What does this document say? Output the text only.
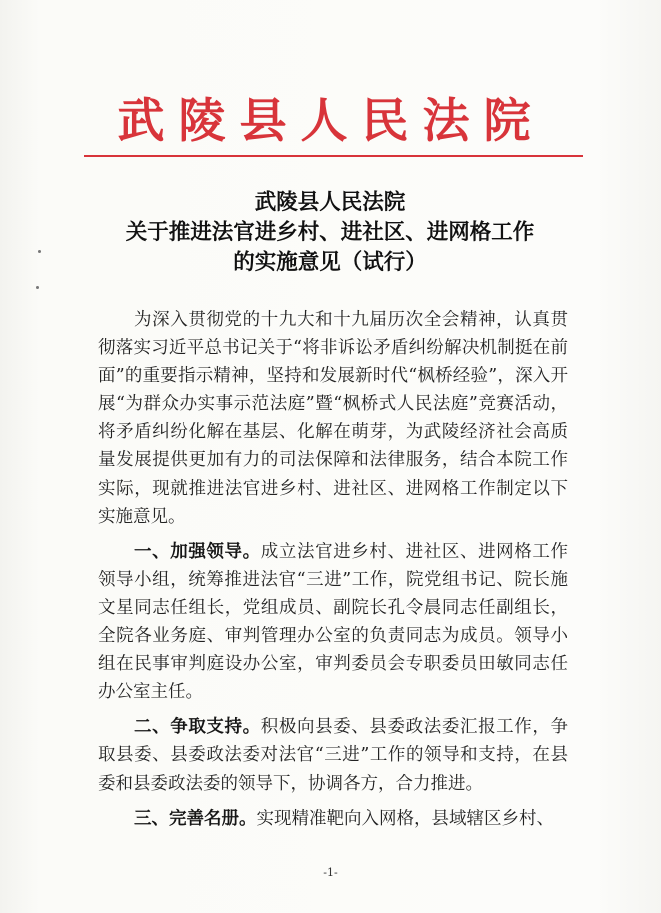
武陵县人民法院
武陵县人民法院
关于推进法官进乡村、进社区、进网格工作
的实施意见（试行）

为深入贯彻党的十九大和十九届历次全会精神，认真贯彻落实习近平总书记关于“将非诉讼矛盾纠纷解决机制挺在前面”的重要指示精神，坚持和发展新时代“枫桥经验”，深入开展“为群众办实事示范法庭”暨“枫桥式人民法庭”竞赛活动，将矛盾纠纷化解在基层、化解在萌芽，为武陵经济社会高质量发展提供更加有力的司法保障和法律服务，结合本院工作实际，现就推进法官进乡村、进社区、进网格工作制定以下实施意见。

一、加强领导。成立法官进乡村、进社区、进网格工作领导小组，统筹推进法官“三进”工作，院党组书记、院长施文星同志任组长，党组成员、副院长孔令晨同志任副组长，全院各业务庭、审判管理办公室的负责同志为成员。领导小组在民事审判庭设办公室，审判委员会专职委员田敏同志任办公室主任。

二、争取支持。积极向县委、县委政法委汇报工作，争取县委、县委政法委对法官“三进”工作的领导和支持，在县委和县委政法委的领导下，协调各方，合力推进。

三、完善名册。实现精准靶向入网格，县域辖区乡村、

-1-
